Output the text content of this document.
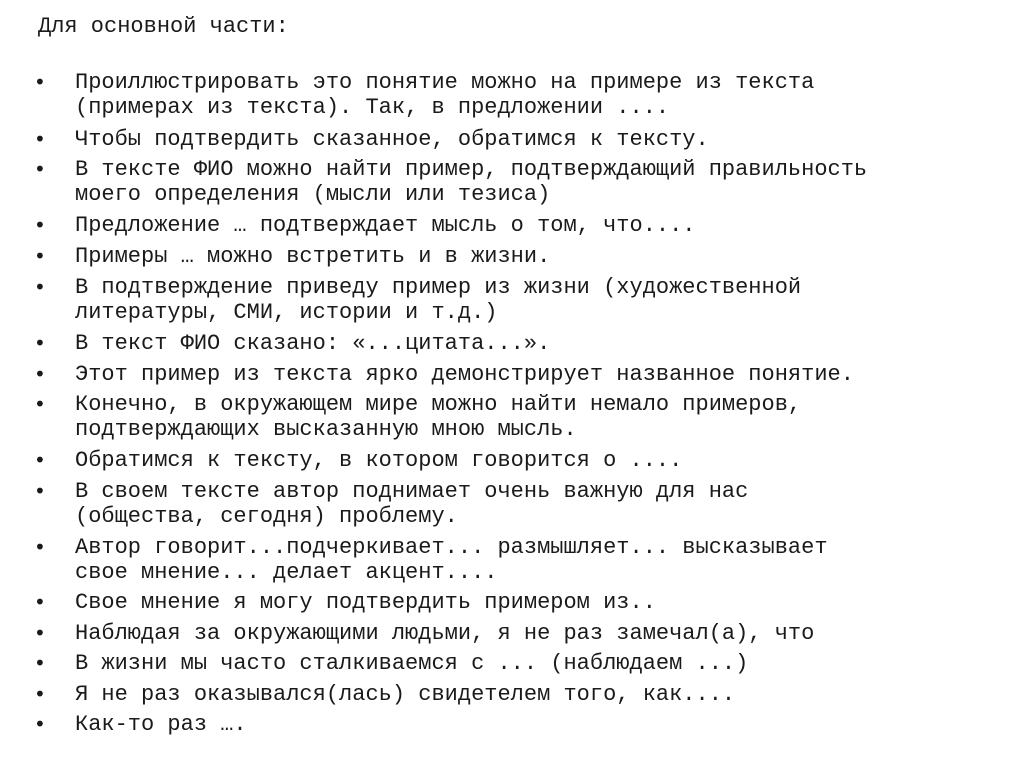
Для основной части:
• Проиллюстрировать это понятие можно на примере из текста
(примерах из текста). Так, в предложении ....
• Чтобы подтвердить сказанное, обратимся к тексту.
• В тексте ФИО можно найти пример, подтверждающий правильность
моего определения (мысли или тезиса)
• Предложение … подтверждает мысль о том, что....
• Примеры … можно встретить и в жизни.
• В подтверждение приведу пример из жизни (художественной
литературы, СМИ, истории и т.д.)
• В текст ФИО сказано: «...цитата...».
• Этот пример из текста ярко демонстрирует названное понятие.
• Конечно, в окружающем мире можно найти немало примеров,
подтверждающих высказанную мною мысль.
• Обратимся к тексту, в котором говорится о ....
• В своем тексте автор поднимает очень важную для нас
(общества, сегодня) проблему.
• Автор говорит...подчеркивает... размышляет... высказывает
свое мнение... делает акцент....
• Свое мнение я могу подтвердить примером из..
• Наблюдая за окружающими людьми, я не раз замечал(а), что
• В жизни мы часто сталкиваемся с ... (наблюдаем ...)
• Я не раз оказывался(лась) свидетелем того, как....
• Как-то раз ….
